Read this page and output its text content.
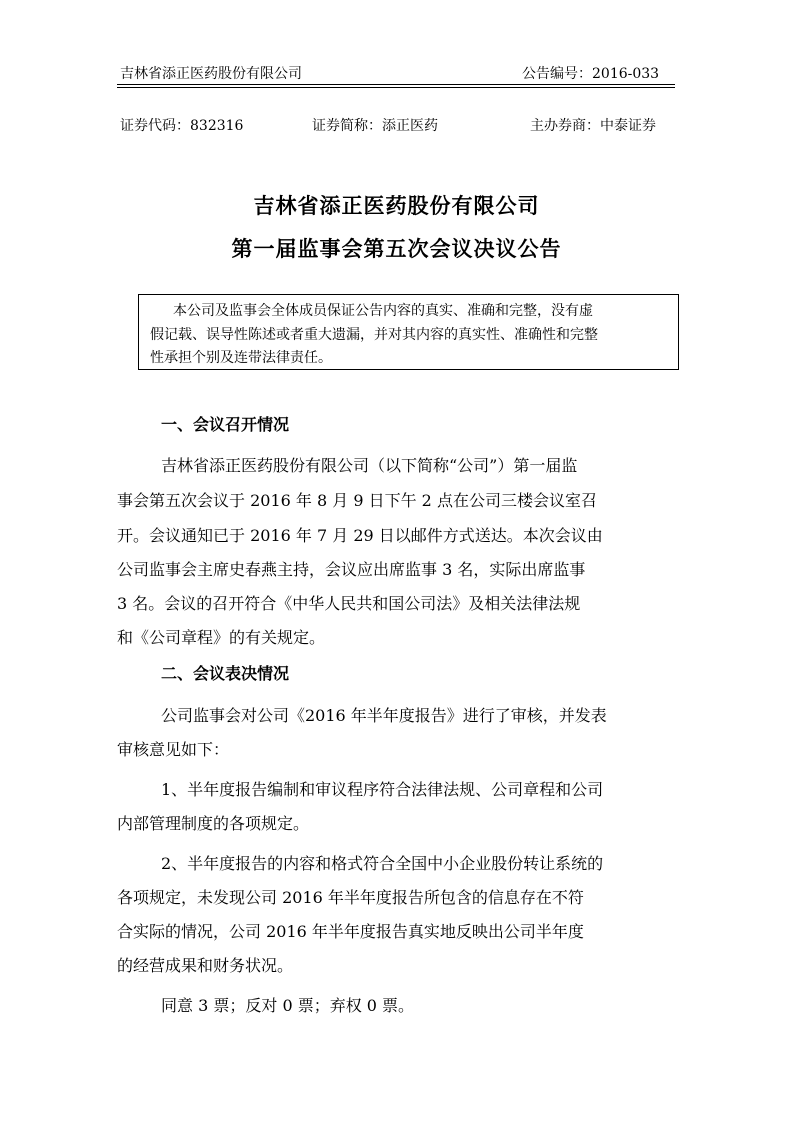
吉林省添正医药股份有限公司	公告编号：2016-033
证券代码：832316	证券简称：添正医药	主办券商：中泰证券
吉林省添正医药股份有限公司
第一届监事会第五次会议决议公告
本公司及监事会全体成员保证公告内容的真实、准确和完整，没有虚
假记载、误导性陈述或者重大遗漏，并对其内容的真实性、准确性和完整
性承担个别及连带法律责任。
一、会议召开情况
吉林省添正医药股份有限公司（以下简称“公司”）第一届监
事会第五次会议于 2016 年 8 月 9 日下午 2 点在公司三楼会议室召
开。会议通知已于 2016 年 7 月 29 日以邮件方式送达。本次会议由
公司监事会主席史春燕主持，会议应出席监事 3 名，实际出席监事
3 名。会议的召开符合《中华人民共和国公司法》及相关法律法规
和《公司章程》的有关规定。
二、会议表决情况
公司监事会对公司《2016 年半年度报告》进行了审核，并发表
审核意见如下：
1、半年度报告编制和审议程序符合法律法规、公司章程和公司
内部管理制度的各项规定。
2、半年度报告的内容和格式符合全国中小企业股份转让系统的
各项规定，未发现公司 2016 年半年度报告所包含的信息存在不符
合实际的情况，公司 2016 年半年度报告真实地反映出公司半年度
的经营成果和财务状况。
同意 3 票；反对 0 票；弃权 0 票。
